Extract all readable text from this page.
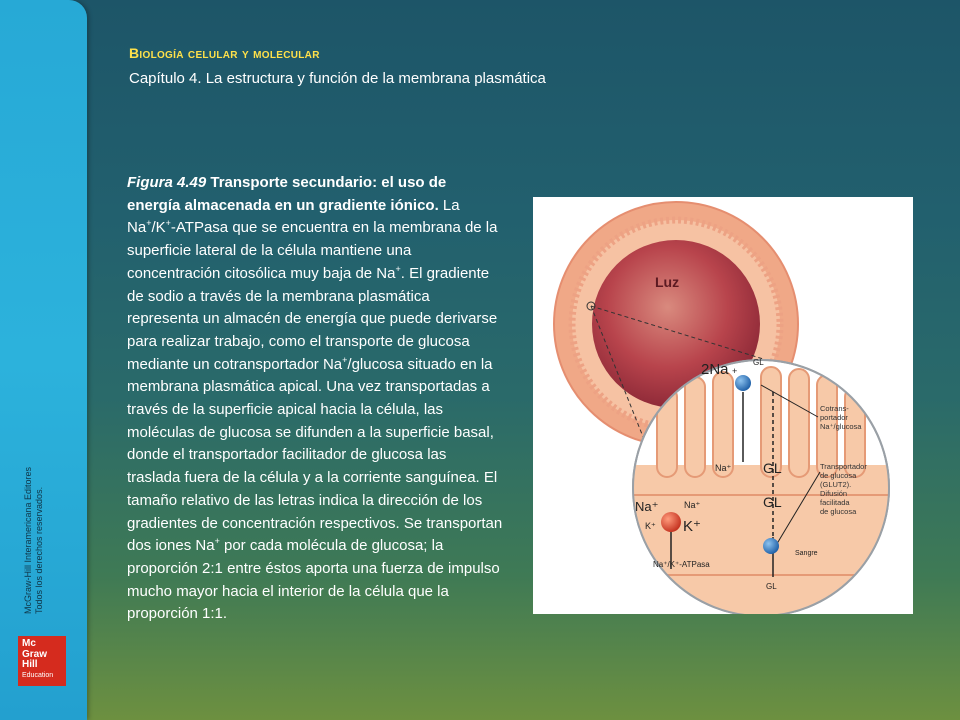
McGraw-Hill Interamericana Editores Todos los derechos reservados.
Mc
Graw
Hill
Education
Biología celular y molecular
Capítulo 4. La estructura y función de la membrana plasmática
Figura 4.49 Transporte secundario: el uso de energía almacenada en un gradiente iónico. La Na+/K+-ATPasa que se encuentra en la membrana de la superficie lateral de la célula mantiene una concentración citosólica muy baja de Na+. El gradiente de sodio a través de la membrana plasmática representa un almacén de energía que puede derivarse para realizar trabajo, como el transporte de glucosa mediante un cotransportador Na+/glucosa situado en la membrana plasmática apical. Una vez transportadas a través de la superficie apical hacia la célula, las moléculas de glucosa se difunden a la superficie basal, donde el transportador facilitador de glucosa las traslada fuera de la célula y a la corriente sanguínea. El tamaño relativo de las letras indica la dirección de los gradientes de concentración respectivos. Se transportan dos iones Na+ por cada molécula de glucosa; la proporción 2:1 entre éstos aporta una fuerza de impulso mucho mayor hacia el interior de la célula que la proporción 1:1.
Luz
2Na +
GL
Na⁺ GL
GL
Na⁺	Na⁺
K⁺ K⁺
Na⁺/K⁺-ATPasa
Sangre
GL
Cotrans-
portador
Na⁺/glucosa
Transportador
de glucosa
(GLUT2).
Difusión
facilitada
de glucosa
